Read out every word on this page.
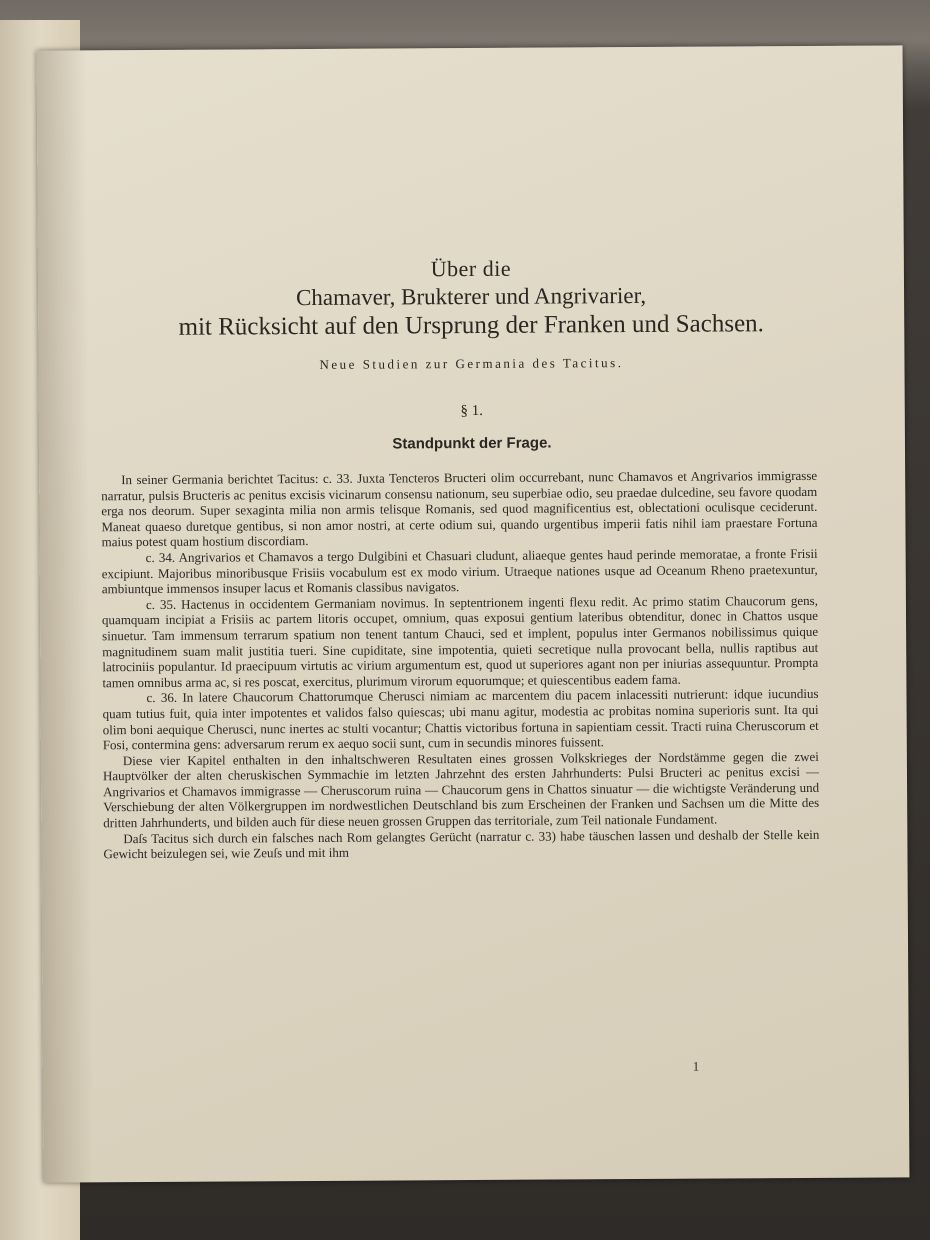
Über die
Chamaver, Brukterer und Angrivarier,
mit Rücksicht auf den Ursprung der Franken und Sachsen.
Neue Studien zur Germania des Tacitus.
§ 1.
Standpunkt der Frage.

In seiner Germania berichtet Tacitus: c. 33. Juxta Tencteros Bructeri olim occurrebant, nunc Chamavos et Angrivarios immigrasse narratur, pulsis Bructeris ac penitus excisis vicinarum consensu nationum, seu superbiae odio, seu praedae dulcedine, seu favore quodam erga nos deorum. Super sexaginta milia non armis telisque Romanis, sed quod magnificentius est, oblectationi oculisque ceciderunt. Maneat quaeso duretque gentibus, si non amor nostri, at certe odium sui, quando urgentibus imperii fatis nihil iam praestare Fortuna maius potest quam hostium discordiam.

c. 34. Angrivarios et Chamavos a tergo Dulgibini et Chasuari cludunt, aliaeque gentes haud perinde memoratae, a fronte Frisii excipiunt. Majoribus minoribusque Frisiis vocabulum est ex modo virium. Utraeque nationes usque ad Oceanum Rheno praetexuntur, ambiuntque immensos insuper lacus et Romanis classibus navigatos.

c. 35. Hactenus in occidentem Germaniam novimus. In septentrionem ingenti flexu redit. Ac primo statim Chaucorum gens, quamquam incipiat a Frisiis ac partem litoris occupet, omnium, quas exposui gentium lateribus obtenditur, donec in Chattos usque sinuetur. Tam immensum terrarum spatium non tenent tantum Chauci, sed et implent, populus inter Germanos nobilissimus quique magnitudinem suam malit justitia tueri. Sine cupiditate, sine impotentia, quieti secretique nulla provocant bella, nullis raptibus aut latrociniis populantur. Id praecipuum virtutis ac virium argumentum est, quod ut superiores agant non per iniurias assequuntur. Prompta tamen omnibus arma ac, si res poscat, exercitus, plurimum virorum equorumque; et quiescentibus eadem fama.

c. 36. In latere Chaucorum Chattorumque Cherusci nimiam ac marcentem diu pacem inlacessiti nutrierunt: idque iucundius quam tutius fuit, quia inter impotentes et validos falso quiescas; ubi manu agitur, modestia ac probitas nomina superioris sunt. Ita qui olim boni aequique Cherusci, nunc inertes ac stulti vocantur; Chattis victoribus fortuna in sapientiam cessit. Tracti ruina Cheruscorum et Fosi, contermina gens: adversarum rerum ex aequo socii sunt, cum in secundis minores fuissent.

Diese vier Kapitel enthalten in den inhaltschweren Resultaten eines grossen Volkskrieges der Nordstämme gegen die zwei Hauptvölker der alten cheruskischen Symmachie im letzten Jahrzehnt des ersten Jahrhunderts: Pulsi Bructeri ac penitus excisi — Angrivarios et Chamavos immigrasse — Cheruscorum ruina — Chaucorum gens in Chattos sinuatur — die wichtigste Veränderung und Verschiebung der alten Völkergruppen im nordwestlichen Deutschland bis zum Erscheinen der Franken und Sachsen um die Mitte des dritten Jahrhunderts, und bilden auch für diese neuen grossen Gruppen das territoriale, zum Teil nationale Fundament.

Daſs Tacitus sich durch ein falsches nach Rom gelangtes Gerücht (narratur c. 33) habe täuschen lassen und deshalb der Stelle kein Gewicht beizulegen sei, wie Zeuſs und mit ihm

1
